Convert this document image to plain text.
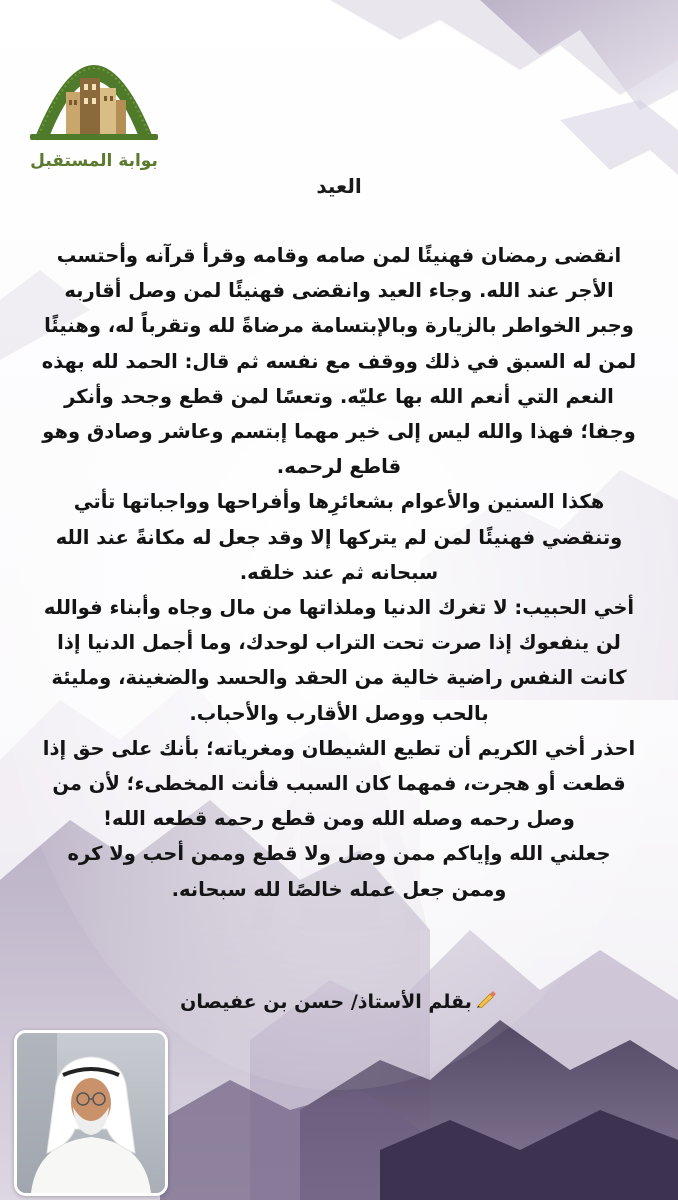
بوابة المستقبل
العيد

انقضى رمضان فهنيئًا لمن صامه وقامه وقرأ قرآنه وأحتسب الأجر عند الله. وجاء العيد وانقضى فهنيئًا لمن وصل أقاربه وجبر الخواطر بالزيارة وبالإبتسامة مرضاةً لله وتقرباً له، وهنيئًا لمن له السبق في ذلك ووقف مع نفسه ثم قال: الحمد لله بهذه النعم التي أنعم الله بها عليّه. وتعسًا لمن قطع وجحد وأنكر وجفا؛ فهذا والله ليس إلى خير مهما إبتسم وعاشر وصادق وهو قاطع لرحمه.

هكذا السنين والأعوام بشعائرِها وأفراحها وواجباتها تأتي وتنقضي فهنيئًا لمن لم يتركها إلا وقد جعل له مكانةً عند الله سبحانه ثم عند خلقه.

أخي الحبيب: لا تغرك الدنيا وملذاتها من مال وجاه وأبناء فوالله لن ينفعوك إذا صرت تحت التراب لوحدك، وما أجمل الدنيا إذا كانت النفس راضية خالية من الحقد والحسد والضغينة، ومليئة بالحب ووصل الأقارب والأحباب.

احذر أخي الكريم أن تطيع الشيطان ومغرياته؛ بأنك على حق إذا قطعت أو هجرت، فمهما كان السبب فأنت المخطىء؛ لأن من وصل رحمه وصله الله ومن قطع رحمه قطعه الله!

جعلني الله وإياكم ممن وصل ولا قطع وممن أحب ولا كره وممن جعل عمله خالصًا لله سبحانه.

بقلم الأستاذ/ حسن بن عفيصان
